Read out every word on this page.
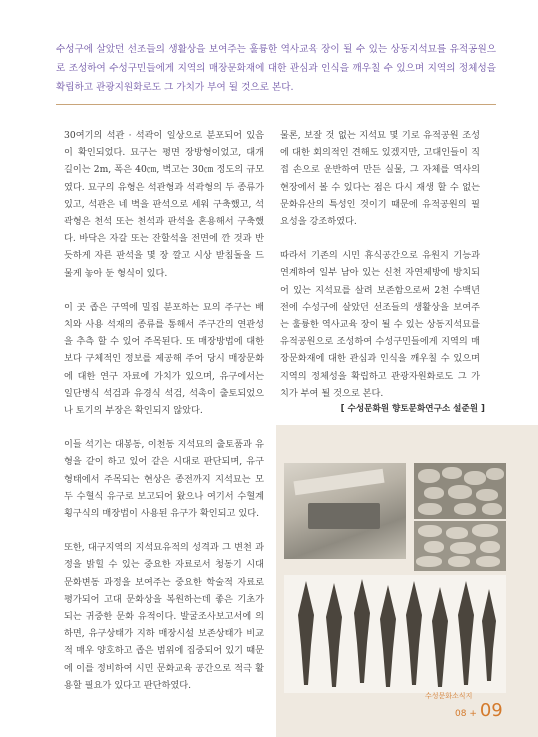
수성구에 살았던 선조들의 생활상을 보여주는 훌륭한 역사교육 장이 될 수 있는 상동지석묘를 유적공원으로 조성하여 수성구민들에게 지역의 매장문화재에 대한 관심과 인식을 깨우칠 수 있으며 지역의 정체성을 확립하고 관광지원화로도 그 가치가 부여 될 것으로 본다.

30여기의 석관 · 석곽이 일상으로 분포되어 있음이 확인되었다. 묘구는 평면 장방형이었고, 대개 길이는 2m, 폭은 40㎝, 벽고는 30㎝ 정도의 규모였다. 묘구의 유형은 석관형과 석곽형의 두 종류가 있고, 석관은 네 벽을 판석으로 세워 구축했고, 석곽형은 천석 또는 천석과 판석을 혼용해서 구축했다. 바닥은 자갈 또는 잔할석을 전면에 깐 것과 반듯하게 자른 판석을 몇 장 깔고 시상 받침돌을 드물게 놓아 둔 형식이 있다.

이 곳 좁은 구역에 밀집 분포하는 묘의 주구는 배치와 사용 석재의 종류를 통해서 주구간의 연관성을 추측 할 수 있어 주목된다. 또 매장방법에 대한 보다 구체적인 정보를 제공해 주어 당시 매장문화에 대한 연구 자료에 가치가 있으며, 유구에서는 일단병식 석검과 유경식 석검, 석촉이 출토되었으나 토기의 부장은 확인되지 않았다.

이들 석기는 대봉동, 이천동 지석묘의 출토품과 유형을 같이 하고 있어 같은 시대로 판단되며, 유구형태에서 주목되는 현상은 종전까지 지석묘는 모두 수혈식 유구로 보고되어 왔으나 여기서 수혈계 횡구식의 매장법이 사용된 유구가 확인되고 있다.

또한, 대구지역의 지석묘유적의 성격과 그 변천 과정을 밝힐 수 있는 중요한 자료로서 청동기 시대 문화변동 과정을 보여주는 중요한 학술적 자료로 평가되어 고대 문화상을 복원하는데 좋은 기초가 되는 귀중한 문화 유적이다. 발굴조사보고서에 의하면, 유구상태가 지하 매장시설 보존상태가 비교적 매우 양호하고 좁은 범위에 집중되어 있기 때문에 이를 정비하여 시민 문화교육 공간으로 적극 활용할 필요가 있다고 판단하였다.

물론, 보잘 것 없는 지석묘 몇 기로 유적공원 조성에 대한 회의적인 견해도 있겠지만, 고대인들이 직접 손으로 운반하여 만든 실물, 그 자체를 역사의 현장에서 볼 수 있다는 점은 다시 재생 할 수 없는 문화유산의 특성인 것이기 때문에 유적공원의 필요성을 강조하였다.

따라서 기존의 시민 휴식공간으로 유원지 기능과 연계하여 일부 남아 있는 신천 자연제방에 방치되어 있는 지석묘를 살려 보존함으로써 2천 수백년 전에 수성구에 살았던 선조들의 생활상을 보여주는 훌륭한 역사교육 장이 될 수 있는 상동지석묘를 유적공원으로 조성하여 수성구민들에게 지역의 매장문화재에 대한 관심과 인식을 깨우칠 수 있으며 지역의 정체성을 확립하고 관광자원화로도 그 가치가 부여 될 것으로 본다.

[ 수성문화원 향토문화연구소 설준원 ]
수성문화소식지
08 + 09
